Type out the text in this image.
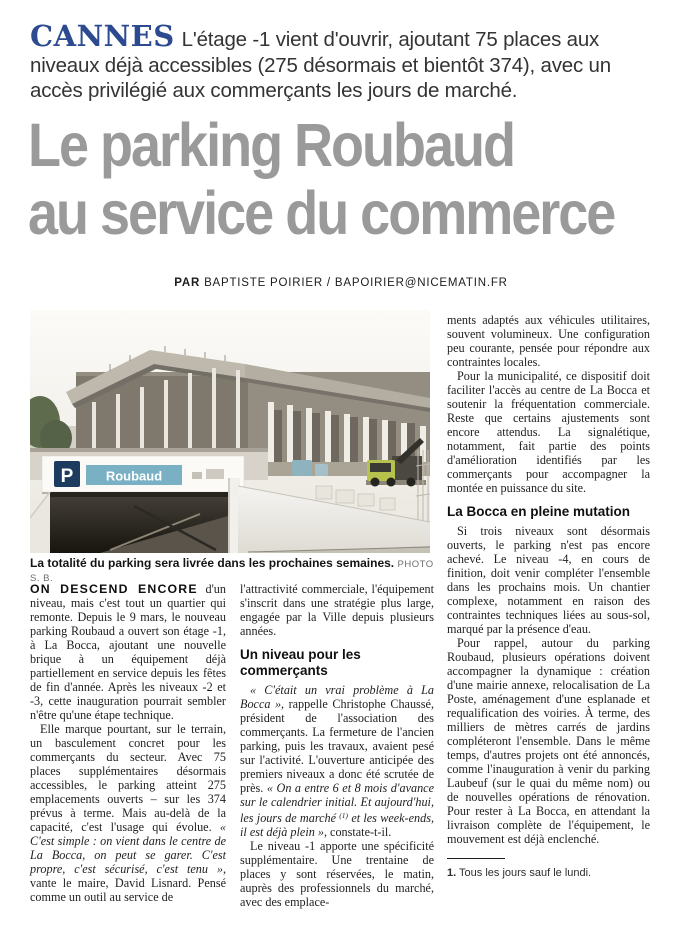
CANNES L'étage -1 vient d'ouvrir, ajoutant 75 places aux niveaux déjà accessibles (275 désormais et bientôt 374), avec un accès privilégié aux commerçants les jours de marché.

Le parking Roubaud
au service du commerce
PAR BAPTISTE POIRIER / BAPOIRIER@NICEMATIN.FR
P Roubaud

La totalité du parking sera livrée dans les prochaines semaines. PHOTO S. B.

ON DESCEND ENCORE d'un niveau, mais c'est tout un quartier qui remonte. Depuis le 9 mars, le nouveau parking Roubaud a ouvert son étage -1, à La Bocca, ajoutant une nouvelle brique à un équipement déjà partiellement en service depuis les fêtes de fin d'année. Après les niveaux -2 et -3, cette inauguration pourrait sembler n'être qu'une étape technique.

Elle marque pourtant, sur le terrain, un basculement concret pour les commerçants du secteur. Avec 75 places supplémentaires désormais accessibles, le parking atteint 275 emplacements ouverts – sur les 374 prévus à terme. Mais au-delà de la capacité, c'est l'usage qui évolue. « C'est simple : on vient dans le centre de La Bocca, on peut se garer. C'est propre, c'est sécurisé, c'est tenu », vante le maire, David Lisnard. Pensé comme un outil au service de

l'attractivité commerciale, l'équipement s'inscrit dans une stratégie plus large, engagée par la Ville depuis plusieurs années.

Un niveau pour les commerçants

« C'était un vrai problème à La Bocca », rappelle Christophe Chaussé, président de l'association des commerçants. La fermeture de l'ancien parking, puis les travaux, avaient pesé sur l'activité. L'ouverture anticipée des premiers niveaux a donc été scrutée de près. « On a entre 6 et 8 mois d'avance sur le calendrier initial. Et aujourd'hui, les jours de marché $^{(1)}$ et les week-ends, il est déjà plein », constate-t-il.

Le niveau -1 apporte une spécificité supplémentaire. Une trentaine de places y sont réservées, le matin, auprès des professionnels du marché, avec des emplace-

ments adaptés aux véhicules utilitaires, souvent volumineux. Une configuration peu courante, pensée pour répondre aux contraintes locales.

Pour la municipalité, ce dispositif doit faciliter l'accès au centre de La Bocca et soutenir la fréquentation commerciale. Reste que certains ajustements sont encore attendus. La signalétique, notamment, fait partie des points d'amélioration identifiés par les commerçants pour accompagner la montée en puissance du site.

La Bocca en pleine mutation

Si trois niveaux sont désormais ouverts, le parking n'est pas encore achevé. Le niveau -4, en cours de finition, doit venir compléter l'ensemble dans les prochains mois. Un chantier complexe, notamment en raison des contraintes techniques liées au sous-sol, marqué par la présence d'eau.

Pour rappel, autour du parking Roubaud, plusieurs opérations doivent accompagner la dynamique : création d'une mairie annexe, relocalisation de La Poste, aménagement d'une esplanade et requalification des voiries. À terme, des milliers de mètres carrés de jardins compléteront l'ensemble. Dans le même temps, d'autres projets ont été annoncés, comme l'inauguration à venir du parking Laubeuf (sur le quai du même nom) ou de nouvelles opérations de rénovation. Pour rester à La Bocca, en attendant la livraison complète de l'équipement, le mouvement est déjà enclenché.

1. Tous les jours sauf le lundi.
